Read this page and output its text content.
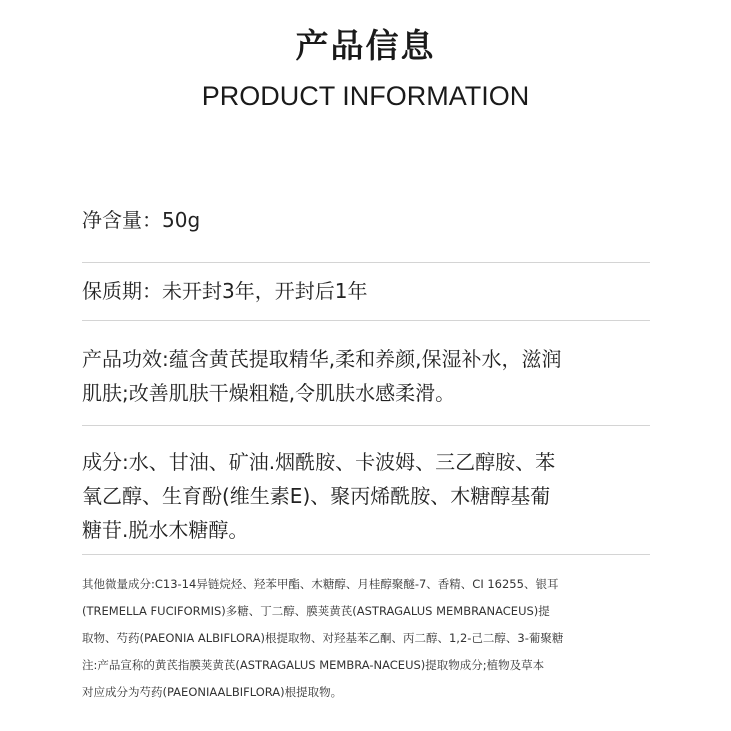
产品信息
PRODUCT INFORMATION
净含量：50g
保质期：未开封3年，开封后1年
产品功效:蕴含黄芪提取精华,柔和养颜,保湿补水，滋润
肌肤;改善肌肤干燥粗糙,令肌肤水感柔滑。
成分:水、甘油、矿油.烟酰胺、卡波姆、三乙醇胺、苯
氧乙醇、生育酚(维生素E)、聚丙烯酰胺、木糖醇基葡
糖苷.脱水木糖醇。
其他微量成分:C13-14异链烷烃、羟苯甲酯、木糖醇、月桂醇聚醚-7、香精、CI 16255、银耳
(TREMELLA FUCIFORMIS)多糖、丁二醇、膜荚黄芪(ASTRAGALUS MEMBRANACEUS)提
取物、芍药(PAEONIA ALBIFLORA)根提取物、对羟基苯乙酮、丙二醇、1,2-己二醇、3-葡聚糖
注:产品宣称的黄芪指膜荚黄芪(ASTRAGALUS MEMBRA-NACEUS)提取物成分;植物及草本
对应成分为芍药(PAEONIAALBIFLORA)根提取物。
